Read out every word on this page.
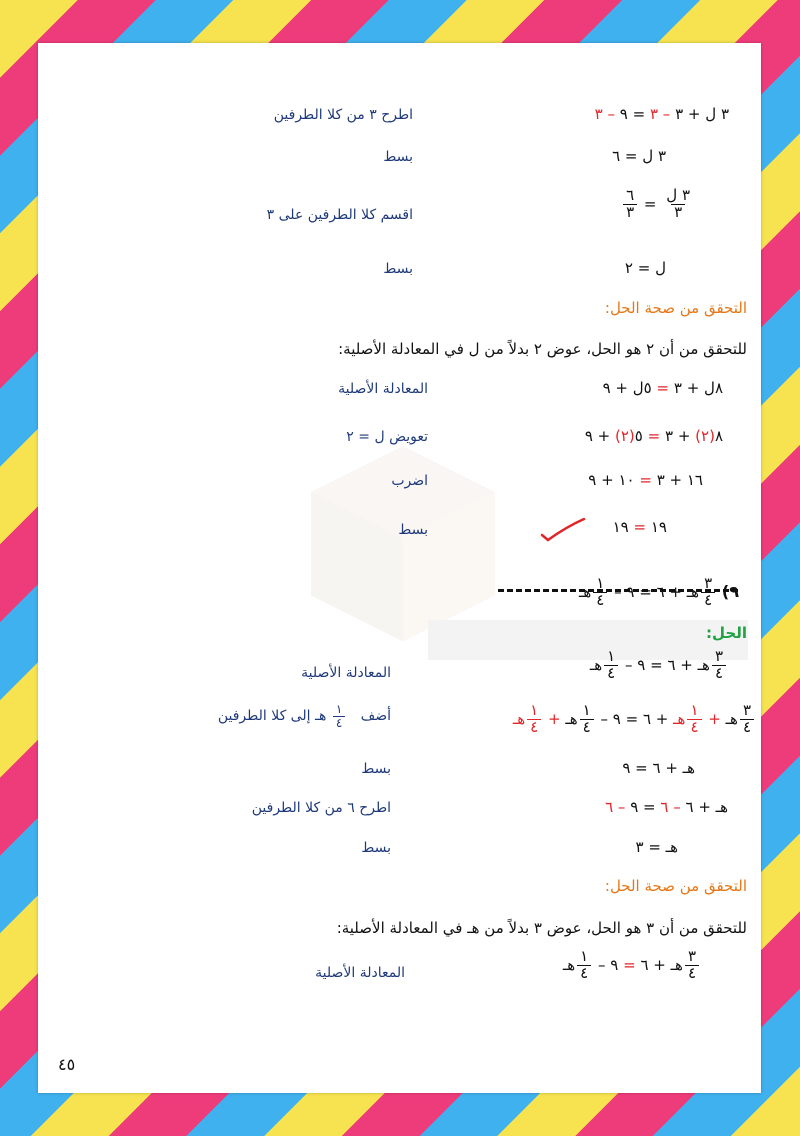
٣ ل + ٣ – ٣ = ٩ – ٣
اطرح ٣ من كلا الطرفين
٣ ل = ٦
بسط
$\frac{\text{٣ ل}}{٣}$
=
$\frac{٦}{٣}$
اقسم كلا الطرفين على ٣
ل = ٢
بسط
التحقق من صحة الحل:
للتحقق من أن ٢ هو الحل، عوض ٢ بدلاً من ل في المعادلة الأصلية:
٨ل + ٣ = ٥ل + ٩
المعادلة الأصلية
٨(٢) + ٣ = ٥(٢) + ٩
تعويض ل = ٢
١٦ + ٣ = ١٠ + ٩
اضرب
١٩ = ١٩
بسط
٩)
$\frac{٣}{٤}$
هـ + ٦ = ٩ –
$\frac{١}{٤}$
هـ
الحل:
$\frac{٣}{٤}$
هـ + ٦ = ٩ –
$\frac{١}{٤}$
هـ
المعادلة الأصلية
$\frac{٣}{٤}$
هـ +
$\frac{١}{٤}$
هـ + ٦ = ٩ –
$\frac{١}{٤}$
هـ +
$\frac{١}{٤}$
هـ
أضف
$\frac{١}{٤}$
هـ إلى كلا الطرفين
هـ + ٦ = ٩
بسط
هـ + ٦ – ٦ = ٩ – ٦
اطرح ٦ من كلا الطرفين
هـ = ٣
بسط
التحقق من صحة الحل:
للتحقق من أن ٣ هو الحل، عوض ٣ بدلاً من هـ في المعادلة الأصلية:
$\frac{٣}{٤}$
هـ + ٦ = ٩ –
$\frac{١}{٤}$
هـ
المعادلة الأصلية
٤٥
